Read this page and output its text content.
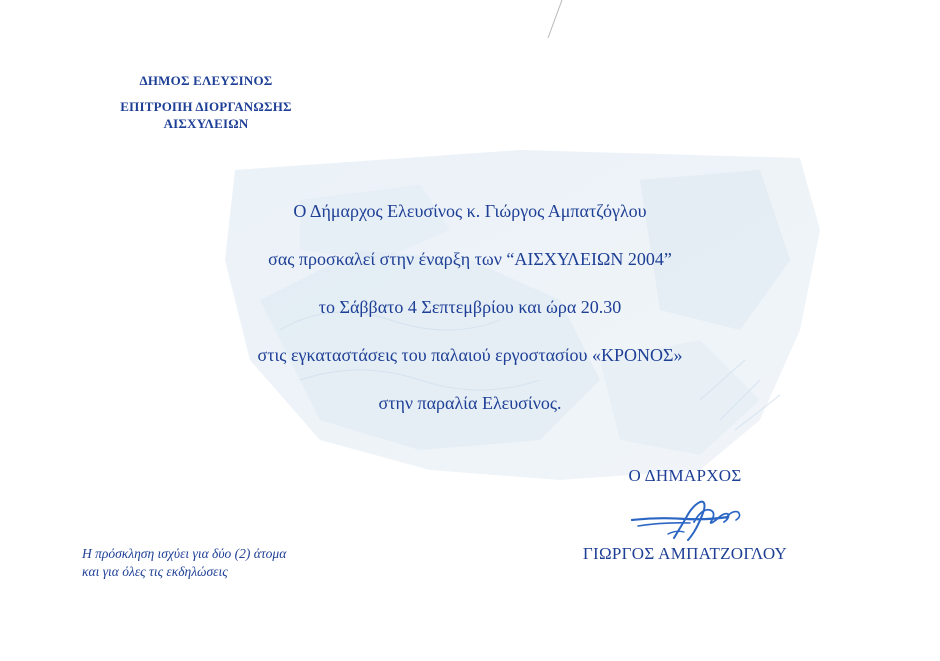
ΔΗΜΟΣ ΕΛΕΥΣΙΝΟΣ
ΕΠΙΤΡΟΠΗ ΔΙΟΡΓΑΝΩΣΗΣ
ΑΙΣΧΥΛΕΙΩΝ
Ο Δήμαρχος Ελευσίνος κ. Γιώργος Αμπατζόγλου
σας προσκαλεί στην έναρξη των “ΑΙΣΧΥΛΕΙΩΝ 2004”
το Σάββατο 4 Σεπτεμβρίου και ώρα 20.30
στις εγκαταστάσεις του παλαιού εργοστασίου «ΚΡΟΝΟΣ»
στην παραλία Ελευσίνος.
Ο ΔΗΜΑΡΧΟΣ
ΓΙΩΡΓΟΣ ΑΜΠΑΤΖΟΓΛΟΥ
Η πρόσκληση ισχύει για δύο (2) άτομα
και για όλες τις εκδηλώσεις
